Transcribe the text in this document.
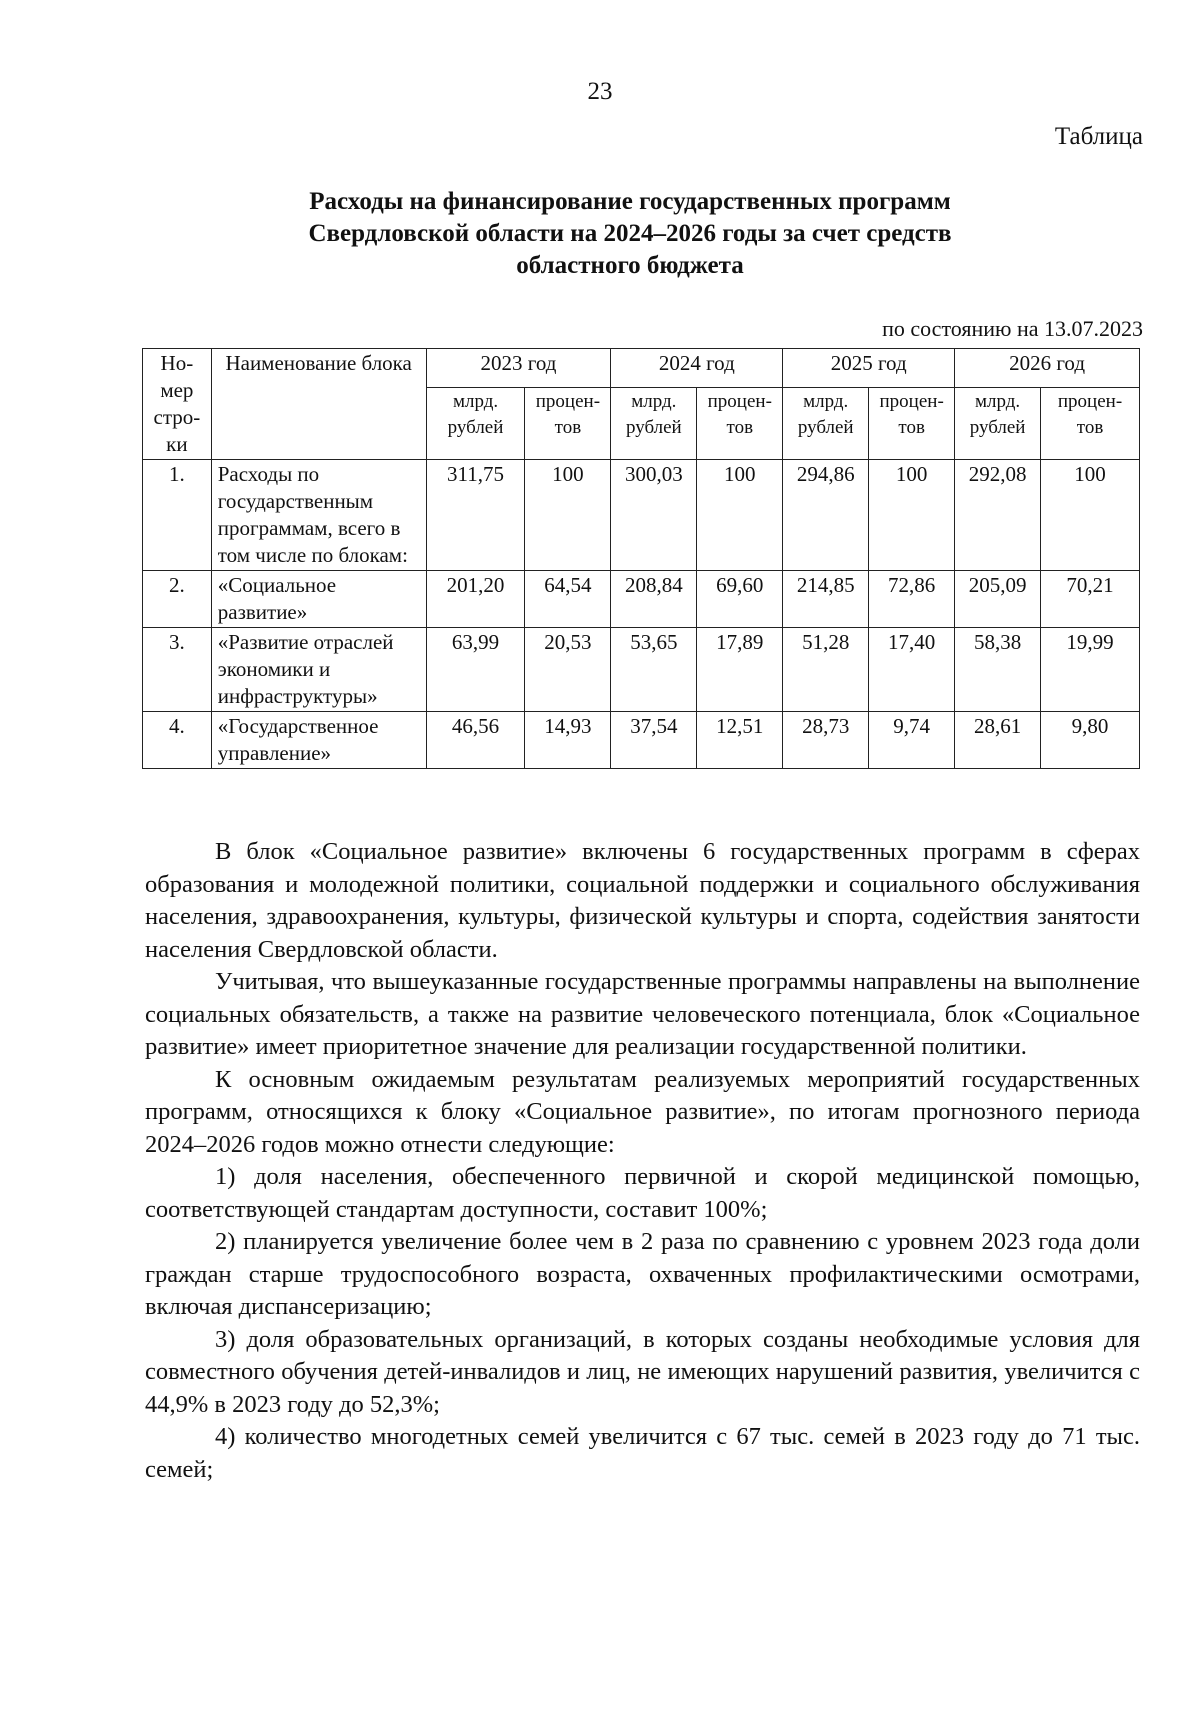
23

Таблица

Расходы на финансирование государственных программ
Свердловской области на 2024–2026 годы за счет средств
областного бюджета

по состоянию на 13.07.2023

Но-мер стро-ки	Наименование блока	2023 год		2024 год		2025 год		2026 год	
		млрд. рублей	процен-тов	млрд. рублей	процен-тов	млрд. рублей	процен-тов	млрд. рублей	процен-тов
1.	Расходы по государственным программам, всего в том числе по блокам:	311,75	100	300,03	100	294,86	100	292,08	100
2.	«Социальное развитие»	201,20	64,54	208,84	69,60	214,85	72,86	205,09	70,21
3.	«Развитие отраслей экономики и инфраструктуры»	63,99	20,53	53,65	17,89	51,28	17,40	58,38	19,99
4.	«Государственное управление»	46,56	14,93	37,54	12,51	28,73	9,74	28,61	9,80

В блок «Социальное развитие» включены 6 государственных программ в сферах образования и молодежной политики, социальной поддержки и социального обслуживания населения, здравоохранения, культуры, физической культуры и спорта, содействия занятости населения Свердловской области.

Учитывая, что вышеуказанные государственные программы направлены на выполнение социальных обязательств, а также на развитие человеческого потенциала, блок «Социальное развитие» имеет приоритетное значение для реализации государственной политики.

К основным ожидаемым результатам реализуемых мероприятий государственных программ, относящихся к блоку «Социальное развитие», по итогам прогнозного периода 2024–2026 годов можно отнести следующие:

1) доля населения, обеспеченного первичной и скорой медицинской помощью, соответствующей стандартам доступности, составит 100%;

2) планируется увеличение более чем в 2 раза по сравнению с уровнем 2023 года доли граждан старше трудоспособного возраста, охваченных профилактическими осмотрами, включая диспансеризацию;

3) доля образовательных организаций, в которых созданы необходимые условия для совместного обучения детей-инвалидов и лиц, не имеющих нарушений развития, увеличится с 44,9% в 2023 году до 52,3%;

4) количество многодетных семей увеличится с 67 тыс. семей в 2023 году до 71 тыс. семей;
